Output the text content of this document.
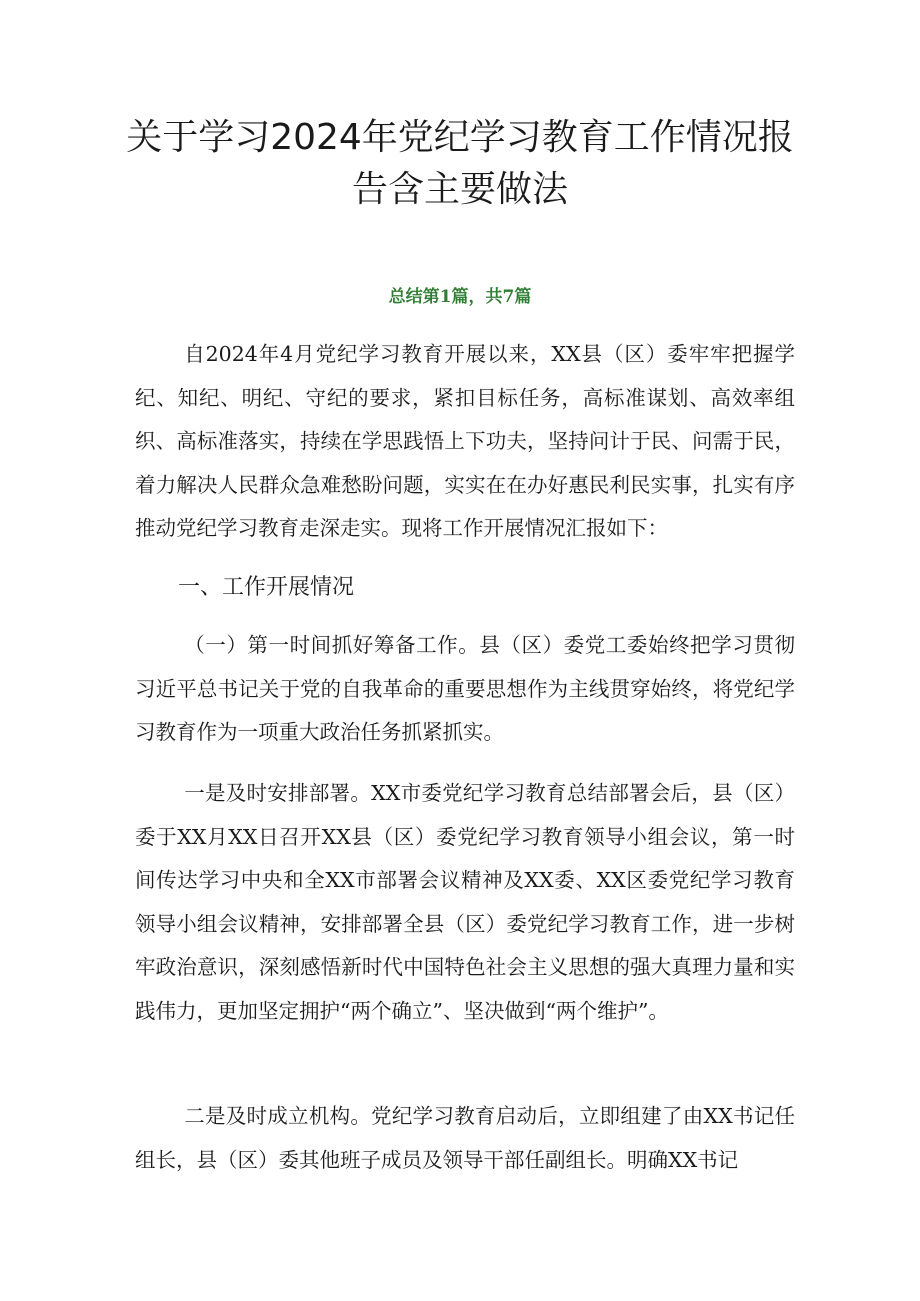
关于学习2024年党纪学习教育工作情况报
告含主要做法
总结第1篇，共7篇

自2024年4月党纪学习教育开展以来，XX县（区）委牢牢把握学纪、知纪、明纪、守纪的要求，紧扣目标任务，高标准谋划、高效率组织、高标准落实，持续在学思践悟上下功夫，坚持问计于民、问需于民，着力解决人民群众急难愁盼问题，实实在在办好惠民利民实事，扎实有序推动党纪学习教育走深走实。现将工作开展情况汇报如下：

一、工作开展情况

（一）第一时间抓好筹备工作。县（区）委党工委始终把学习贯彻习近平总书记关于党的自我革命的重要思想作为主线贯穿始终，将党纪学习教育作为一项重大政治任务抓紧抓实。

一是及时安排部署。XX市委党纪学习教育总结部署会后，县（区）委于XX月XX日召开XX县（区）委党纪学习教育领导小组会议，第一时间传达学习中央和全XX市部署会议精神及XX委、XX区委党纪学习教育领导小组会议精神，安排部署全县（区）委党纪学习教育工作，进一步树牢政治意识，深刻感悟新时代中国特色社会主义思想的强大真理力量和实践伟力，更加坚定拥护“两个确立”、坚决做到“两个维护”。

二是及时成立机构。党纪学习教育启动后，立即组建了由XX书记任组长，县（区）委其他班子成员及领导干部任副组长。明确XX书记
